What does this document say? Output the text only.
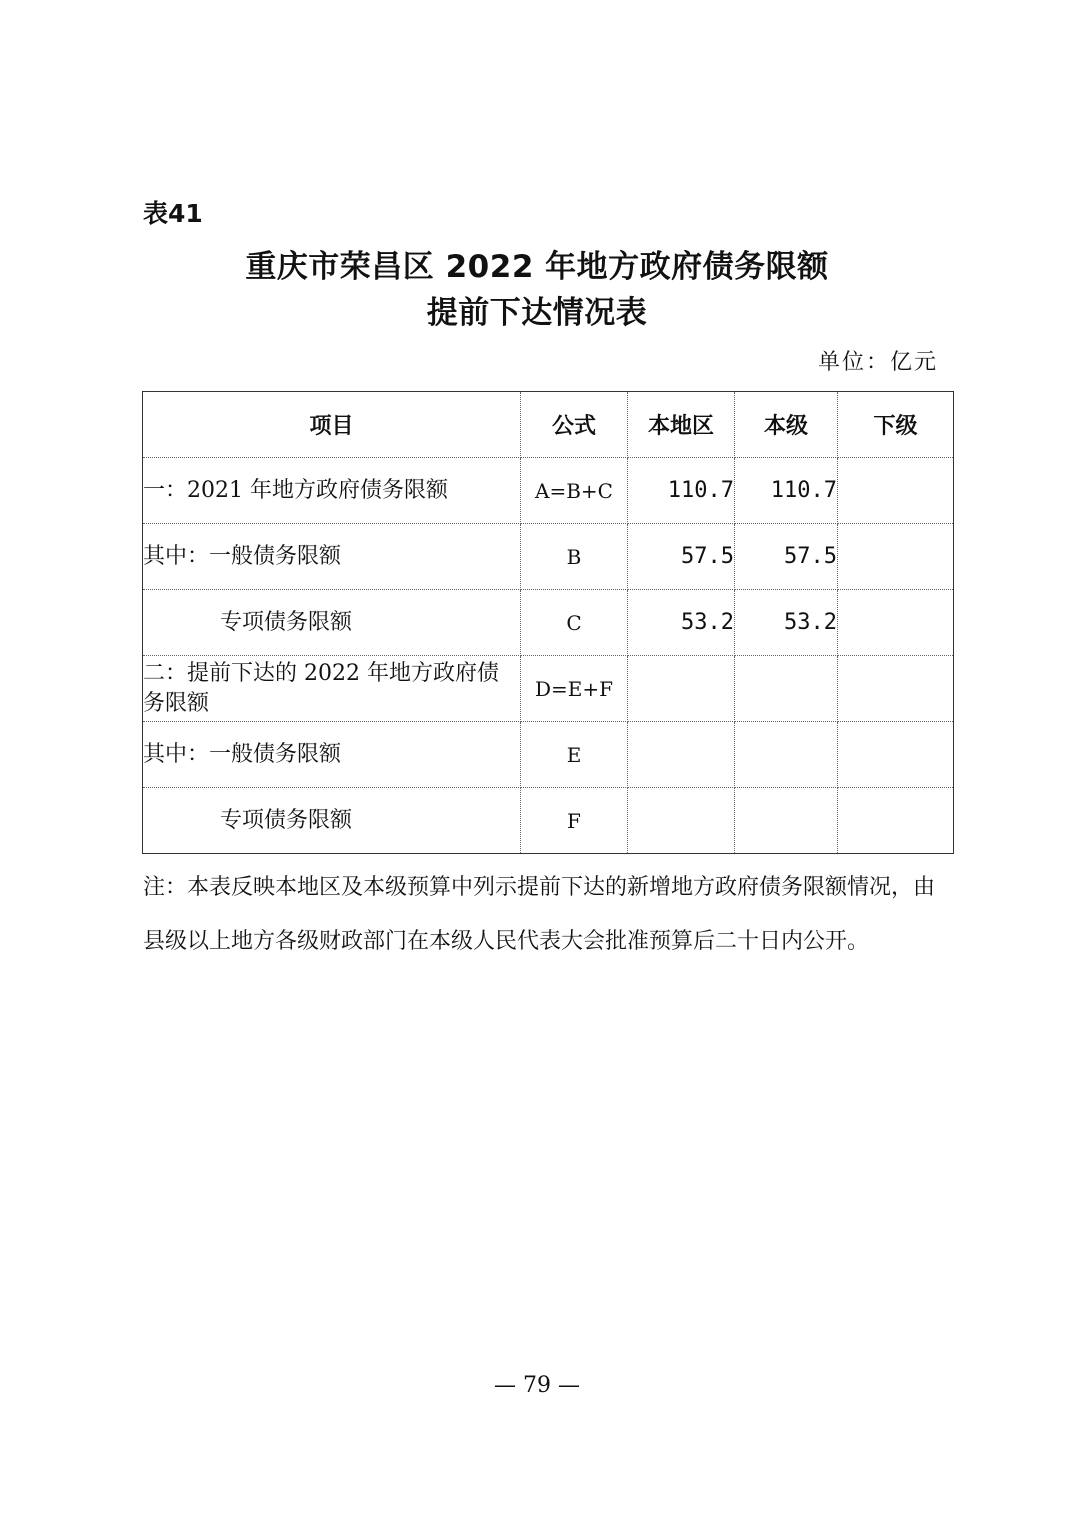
表41
重庆市荣昌区 2022 年地方政府债务限额
提前下达情况表
单位：亿元
项目	公式	本地区	本级	下级
一：2021 年地方政府债务限额	A=B+C	110.7	110.7	
其中：一般债务限额	B	57.5	57.5	
专项债务限额	C	53.2	53.2	
二：提前下达的 2022 年地方政府债务限额	D=E+F			
其中：一般债务限额	E			
专项债务限额	F			
注：本表反映本地区及本级预算中列示提前下达的新增地方政府债务限额情况，由县级以上地方各级财政部门在本级人民代表大会批准预算后二十日内公开。
— 79 —
